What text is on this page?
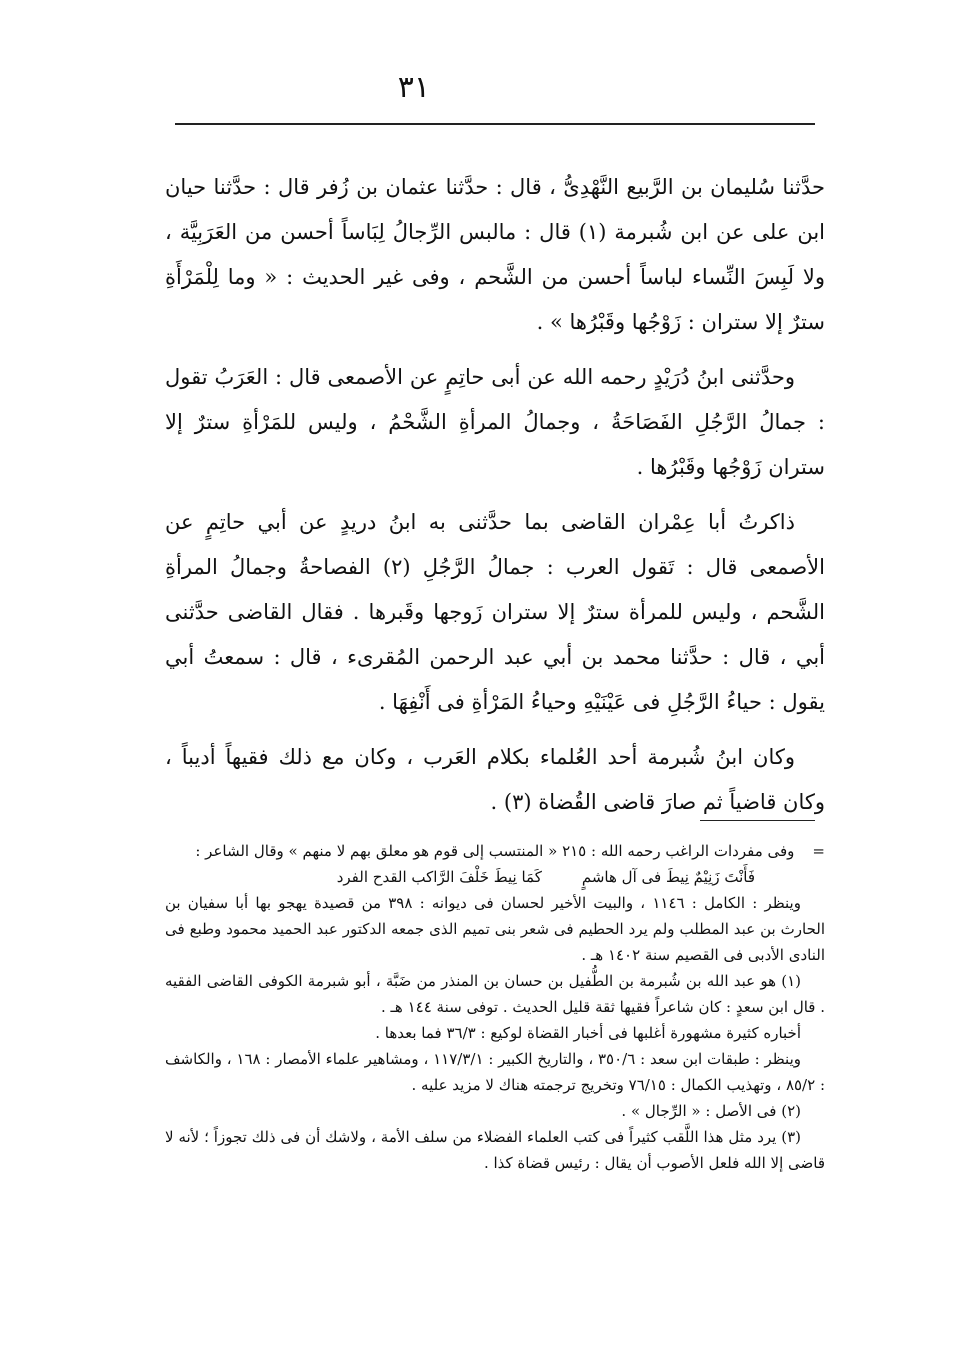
٣١

حدَّثنا سُليمان بن الرَّبيع النَّهْدِىُّ ، قال : حدَّثنا عثمان بن زُفر قال : حدَّثنا حيان ابن على عن ابن شُبرمة (١) قال : مالبس الرِّجالُ لِبَاساً أحسن من العَرَبِيَّة ، ولا لَبِسَ النِّساء لباساً أحسن من الشَّحم ، وفى غير الحديث : « وما لِلْمَرْأَةِ سترٌ إلا ستران : زَوْجُها وقَبْرُها » .

وحدَّثنى ابنُ دُرَيْدٍ رحمه الله عن أبى حاتِمٍ عن الأصمعى قال : العَرَبُ تقول : جمالُ الرَّجُلِ الفَصَاحَةُ ، وجمالُ المرأةِ الشَّحْمُ ، وليس للمَرْأةِ سترٌ إلا ستران زَوْجُها وقَبْرُها .

ذاكرتُ أبا عِمْران القاضى بما حدَّثنى به ابنُ دريدٍ عن أبي حاتِمٍ عن الأصمعى قال : تَقول العرب : جمالُ الرَّجُلِ (٢) الفصاحةُ وجمالُ المرأةِ الشَّحم ، وليس للمرأة سترٌ إلا ستران زَوجها وقَبرها . فقال القاضى حدَّثنى أبي ، قال : حدَّثنا محمد بن أبي عبد الرحمن المُقرىء ، قال : سمعتُ أبي يقول : حياءُ الرَّجُلِ فى عَيْنَيْهِ وحياءُ المَرْأةِ فى أَنْفِهَا .

وكان ابنُ شُبرمة أحد العُلماء بكلام العَرب ، وكان مع ذلك فقيهاً أديباً ، وكان قاضياً ثم صارَ قاضى القُضاة (٣) .

=وفى مفردات الراغب رحمه الله : ٢١٥ « المنتسب إلى قوم هو معلق بهم لا منهم » وقال الشاعر :

فَأَنْتَ زَنِيْمٌ نِيطَ فى آل هاشمٍ
كَمَا نِيطَ خَلْفَ الرَّاكب القدح الفرد

وينظر : الكامل : ١١٤٦ ، والبيت الأخير لحسان فى ديوانه : ٣٩٨ من قصيدة يهجو بها أبا سفيان بن الحارث بن عبد المطلب ولم يرد الحطيم فى شعر بنى تميم الذى جمعه الدكتور عبد الحميد محمود وطبع فى النادى الأدبى فى القصيم سنة ١٤٠٢ هـ .

(١) هو عبد الله بن شُبرمة بن الطُّفيل بن حسان بن المنذر من ضَبَّة ، أبو شبرمة الكوفى القاضى الفقيه . قال ابن سعدٍ : كان شاعراً فقيها ثقة قليل الحديث . توفى سنة ١٤٤ هـ .

أخباره كثيرة مشهورة أغلبها فى أخبار القضاة لوكيع : ٣٦/٣ فما بعدها .

وينظر : طبقات ابن سعد : ٣٥٠/٦ ، والتاريخ الكبير : ١١٧/٣/١ ، ومشاهير علماء الأمصار : ١٦٨ ، والكاشف : ٨٥/٢ ، وتهذيب الكمال : ٧٦/١٥ وتخريج ترجمته هناك لا مزيد عليه .

(٢) فى الأصل : « الرِّجال » .

(٣) يرد مثل هذا اللَّقب كثيراً فى كتب العلماء الفضلاء من سلف الأمة ، ولاشك أن فى ذلك تجوزاً ؛ لأنه لا قاضى إلا الله فلعل الأصوب أن يقال : رئيس قضاة كذا .
